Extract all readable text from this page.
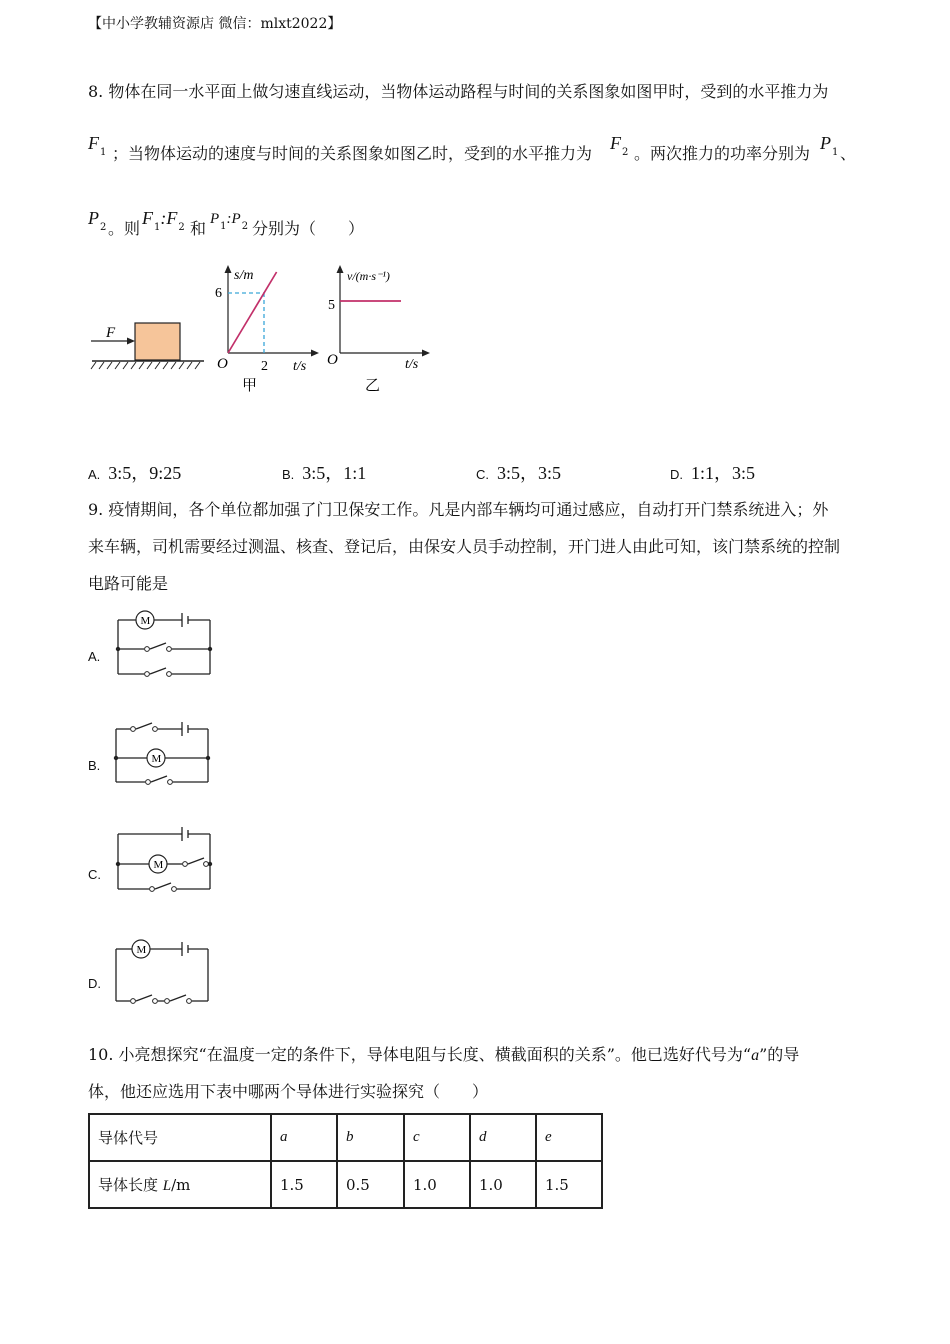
【中小学教辅资源店 微信：mlxt2022】
8. 物体在同一水平面上做匀速直线运动，当物体运动路程与时间的关系图象如图甲时，受到的水平推力为
$F_1$ ；当物体运动的速度与时间的关系图象如图乙时，受到的水平推力为
$F_2$ 。两次推力的功率分别为
$P_1$ 、
$P_2$ 。则
$F_1:F_2$ 和 $P_1:P_2$ 分别为（　　）
F
s/m
t/s
O
6
2
甲
v/(m·s⁻¹)
t/s
O
5
乙
A. 3:5，9:25	B. 3:5，1:1	C. 3:5，3:5	D. 1:1，3:5
9. 疫情期间，各个单位都加强了门卫保安工作。凡是内部车辆均可通过感应，自动打开门禁系统进入；外
来车辆，司机需要经过测温、核查、登记后，由保安人员手动控制，开门进人由此可知，该门禁系统的控制
电路可能是
A.
M
B.	M
C.
M
D.
M
10. 小亮想探究“在温度一定的条件下，导体电阻与长度、横截面积的关系”。他已选好代号为“a”的导
体，他还应选用下表中哪两个导体进行实验探究（　　）
导体代号	a	b	c	d	e
导体长度 L/m	1.5	0.5	1.0	1.0	1.5
